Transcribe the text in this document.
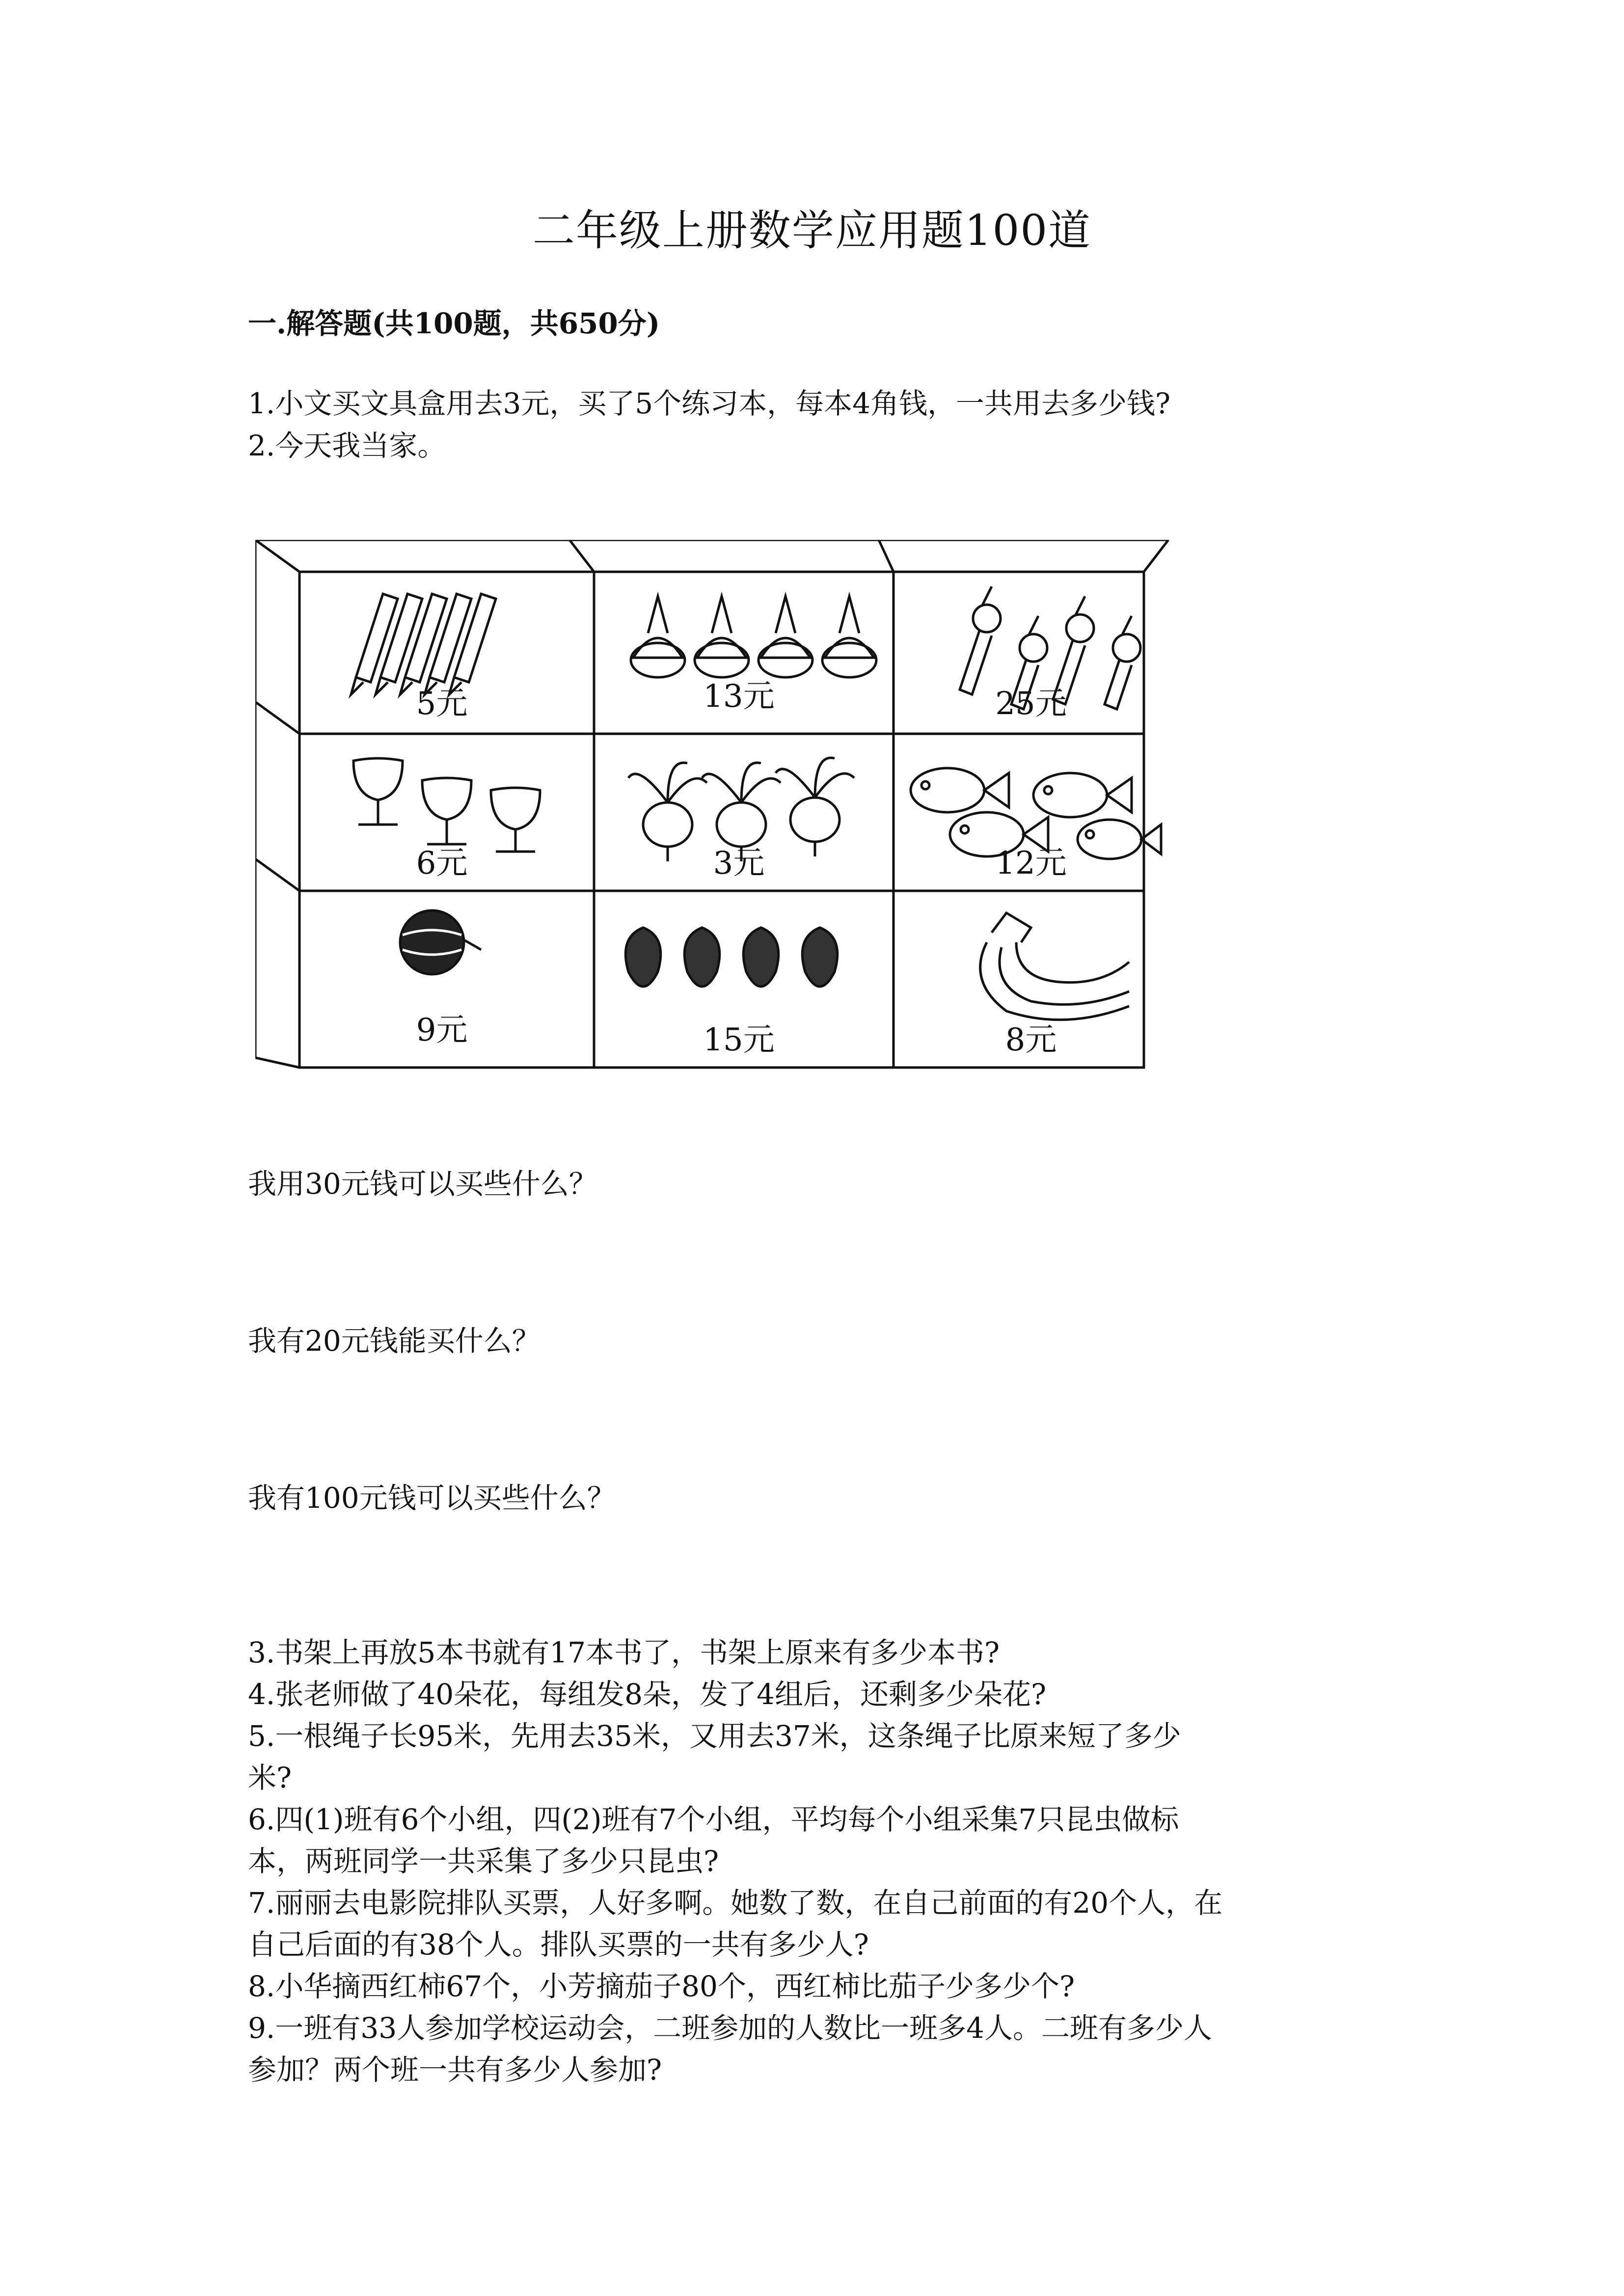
二年级上册数学应用题100道
一.解答题(共100题，共650分)
1.小文买文具盒用去3元，买了5个练习本，每本4角钱，一共用去多少钱?
2.今天我当家。
5元	13元	25元
6元	3元	12元
9元	15元	8元
我用30元钱可以买些什么？
我有20元钱能买什么？
我有100元钱可以买些什么？
3.书架上再放5本书就有17本书了，书架上原来有多少本书?
4.张老师做了40朵花，每组发8朵，发了4组后，还剩多少朵花?
5.一根绳子长95米，先用去35米，又用去37米，这条绳子比原来短了多少
米?
6.四(1)班有6个小组，四(2)班有7个小组，平均每个小组采集7只昆虫做标
本，两班同学一共采集了多少只昆虫?
7.丽丽去电影院排队买票，人好多啊。她数了数，在自己前面的有20个人，在
自己后面的有38个人。排队买票的一共有多少人?
8.小华摘西红柿67个，小芳摘茄子80个，西红柿比茄子少多少个?
9.一班有33人参加学校运动会，二班参加的人数比一班多4人。二班有多少人
参加？两个班一共有多少人参加?
